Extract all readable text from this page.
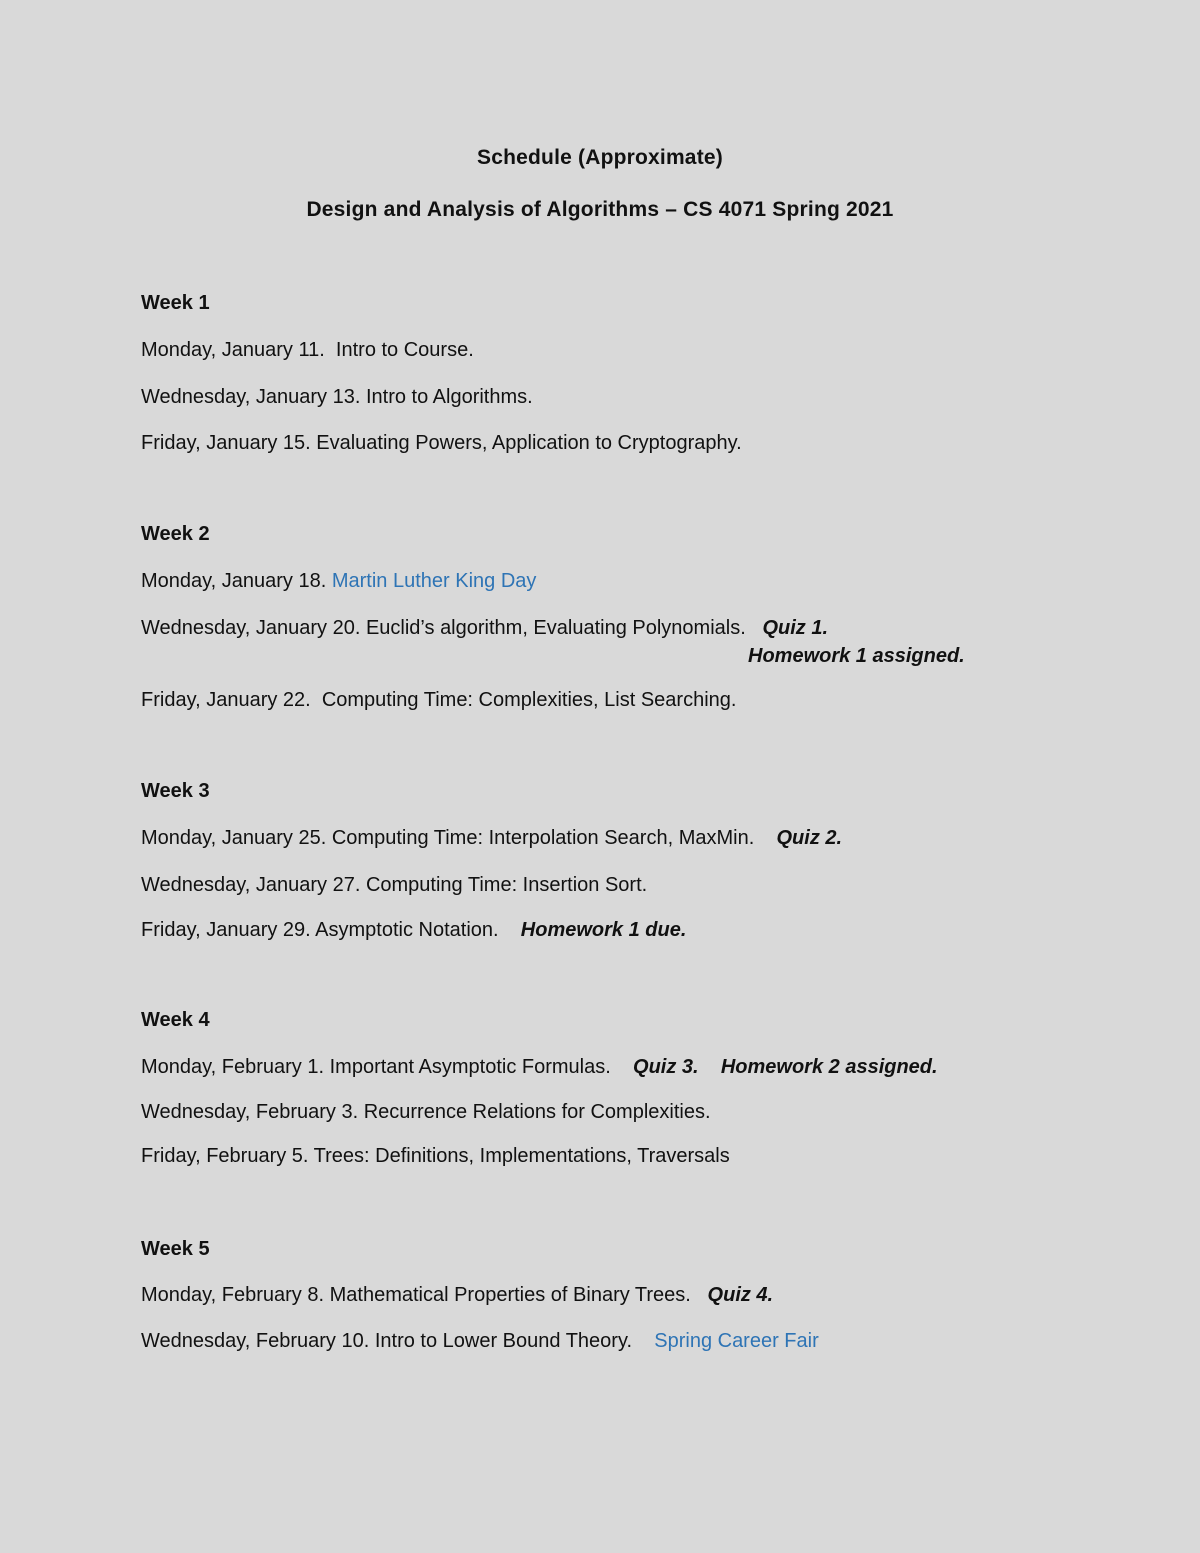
Schedule (Approximate)
Design and Analysis of Algorithms – CS 4071 Spring 2021
Week 1
Monday, January 11.  Intro to Course.
Wednesday, January 13. Intro to Algorithms.
Friday, January 15. Evaluating Powers, Application to Cryptography.
Week 2
Monday, January 18. Martin Luther King Day
Wednesday, January 20. Euclid’s algorithm, Evaluating Polynomials.   Quiz 1.
Homework 1 assigned.
Friday, January 22.  Computing Time: Complexities, List Searching.
Week 3
Monday, January 25. Computing Time: Interpolation Search, MaxMin.    Quiz 2.
Wednesday, January 27. Computing Time: Insertion Sort.
Friday, January 29. Asymptotic Notation.    Homework 1 due.
Week 4
Monday, February 1. Important Asymptotic Formulas.    Quiz 3.    Homework 2 assigned.
Wednesday, February 3. Recurrence Relations for Complexities.
Friday, February 5. Trees: Definitions, Implementations, Traversals
Week 5
Monday, February 8. Mathematical Properties of Binary Trees.   Quiz 4.
Wednesday, February 10. Intro to Lower Bound Theory.    Spring Career Fair
